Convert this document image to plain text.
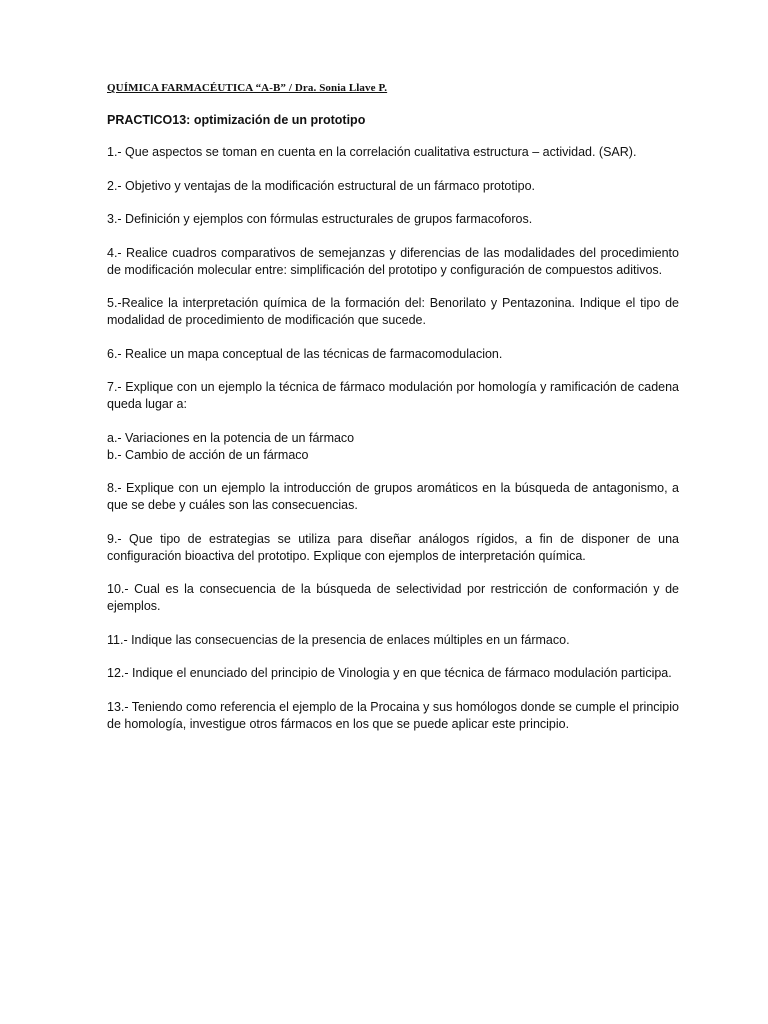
QUÍMICA FARMACÉUTICA “A-B” / Dra. Sonia Llave P.
PRACTICO13: optimización de un prototipo
1.- Que aspectos se toman en cuenta en la correlación cualitativa estructura – actividad. (SAR).
2.- Objetivo y ventajas de la modificación estructural de un fármaco prototipo.
3.- Definición y ejemplos con fórmulas estructurales de grupos farmacoforos.
4.- Realice cuadros comparativos de semejanzas y diferencias de las modalidades del procedimiento de modificación molecular entre: simplificación del prototipo y configuración de compuestos aditivos.
5.-Realice la interpretación química de la formación del: Benorilato y Pentazonina. Indique el tipo de modalidad de procedimiento de modificación que sucede.
6.- Realice un mapa conceptual de las técnicas de farmacomodulacion.
7.- Explique con un ejemplo la técnica de fármaco modulación por homología y ramificación de cadena queda lugar a:
a.- Variaciones en la potencia de un fármaco
b.- Cambio de acción de un fármaco
8.- Explique con un ejemplo la introducción de grupos aromáticos en la búsqueda de antagonismo, a que se debe y cuáles son las consecuencias.
9.- Que tipo de estrategias se utiliza para diseñar análogos rígidos, a fin de disponer de una configuración bioactiva del prototipo. Explique con ejemplos de interpretación química.
10.- Cual es la consecuencia de la búsqueda de selectividad por restricción de conformación y de ejemplos.
11.- Indique las consecuencias de la presencia de enlaces múltiples en un fármaco.
12.- Indique el enunciado del principio de Vinologia y en que técnica de fármaco modulación participa.
13.- Teniendo como referencia el ejemplo de la Procaina y sus homólogos donde se cumple el principio de homología, investigue otros fármacos en los que se puede aplicar este principio.
